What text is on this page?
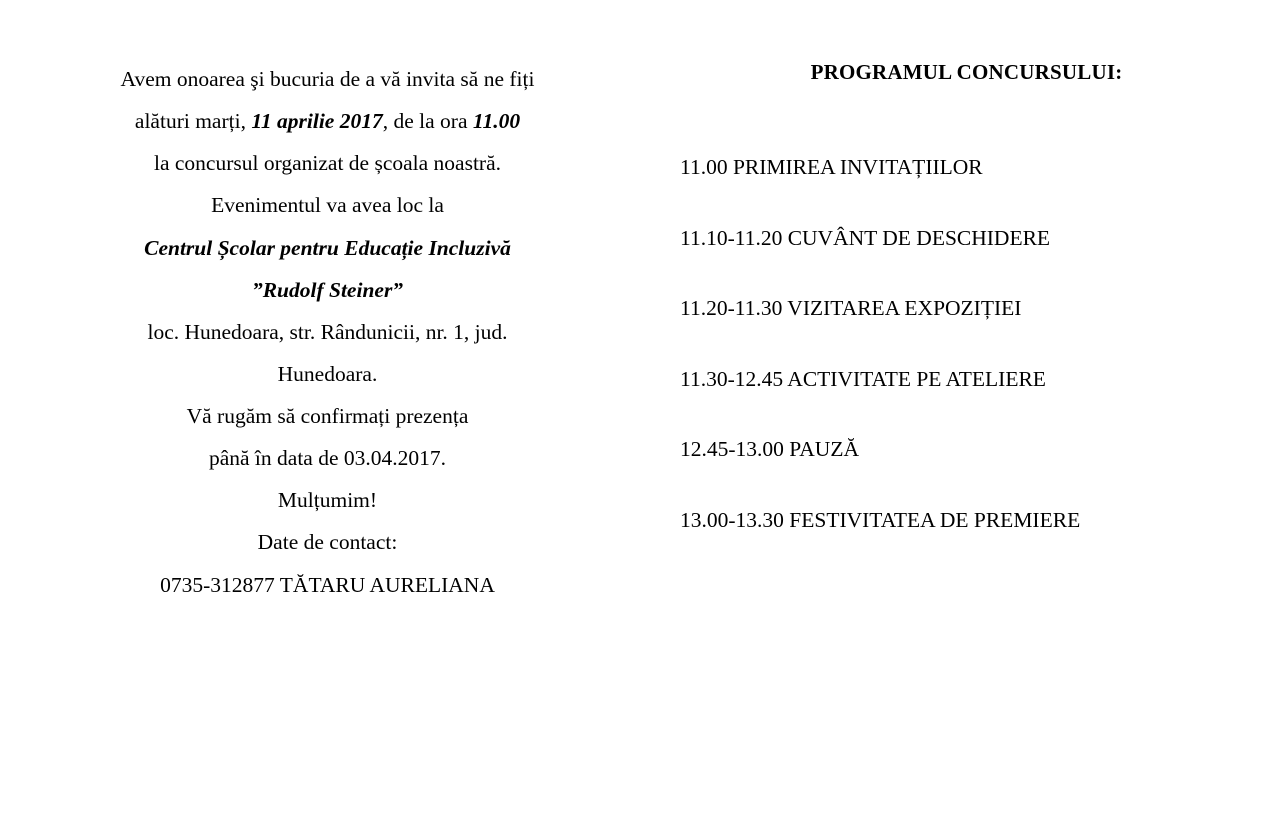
Avem onoarea şi bucuria de a vă invita să ne fiți
alături marți, 11 aprilie 2017, de la ora 11.00
la concursul organizat de școala noastră.
Evenimentul va avea loc la
Centrul Școlar pentru Educație Incluzivă
”Rudolf Steiner”
loc. Hunedoara, str. Rândunicii, nr. 1, jud.
Hunedoara.
Vă rugăm să confirmați prezența
până în data de 03.04.2017.
Mulțumim!
Date de contact:
0735-312877 TĂTARU AURELIANA

PROGRAMUL CONCURSULUI:
11.00 PRIMIREA INVITAȚIILOR
11.10-11.20 CUVÂNT DE DESCHIDERE
11.20-11.30 VIZITAREA EXPOZIȚIEI
11.30-12.45 ACTIVITATE PE ATELIERE
12.45-13.00 PAUZĂ
13.00-13.30 FESTIVITATEA DE PREMIERE
